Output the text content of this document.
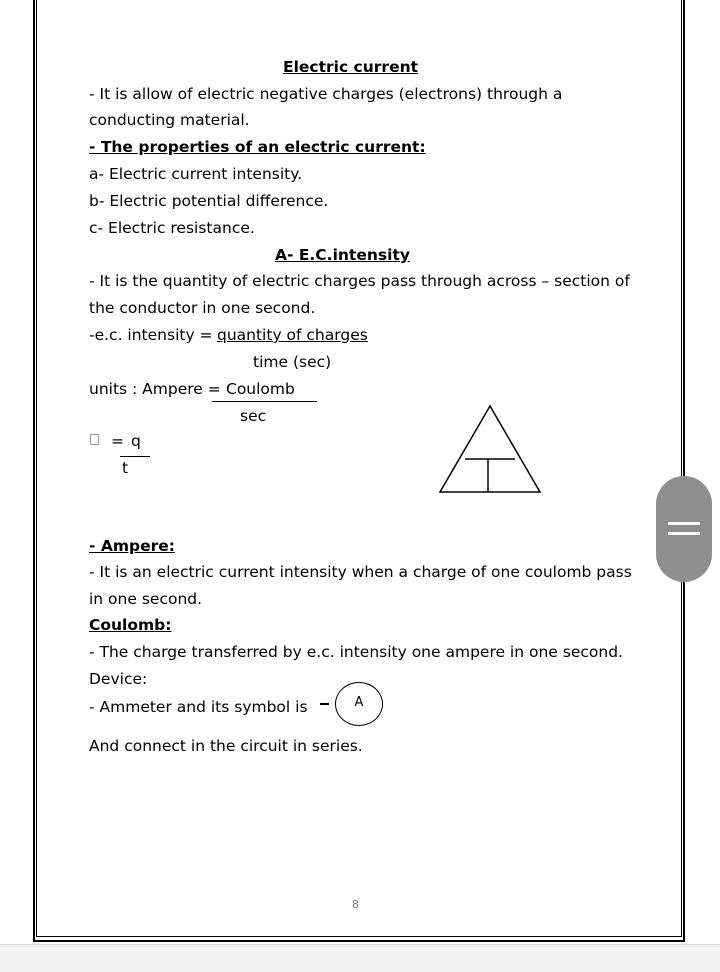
Electric current
- It is allow of electric negative charges (electrons) through a
conducting material.
- The properties of an electric current:
a- Electric current intensity.
b- Electric potential difference.
c- Electric resistance.
A- E.C.intensity
- It is the quantity of electric charges pass through across – section of
the conductor in one second.
-e.c. intensity = quantity of charges
time (sec)
units : Ampere = Coulomb
sec
= q
t
- Ampere:
- It is an electric current intensity when a charge of one coulomb pass
in one second.
Coulomb:
- The charge transferred by e.c. intensity one ampere in one second.
Device:
- Ammeter and its symbol is	A
And connect in the circuit in series.
8
